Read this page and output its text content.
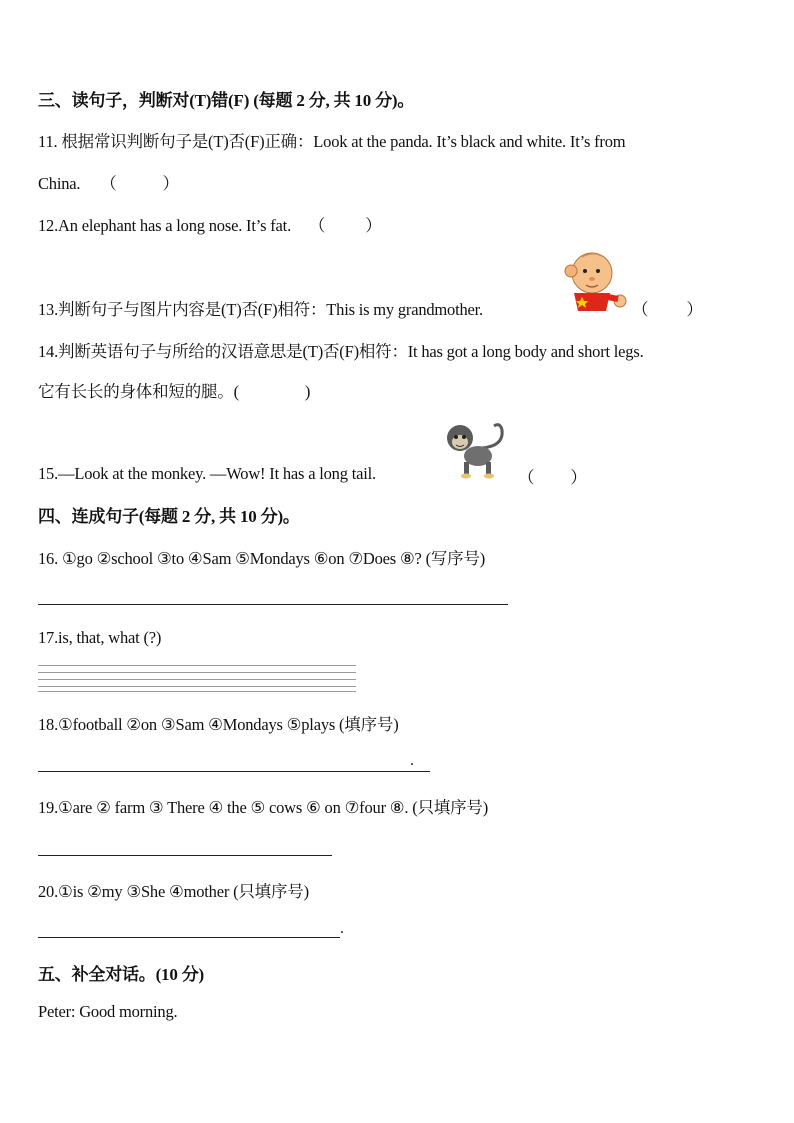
三、读句子，判断对(T)错(F) (每题 2 分, 共 10 分)。
11. 根据常识判断句子是(T)否(F)正确：Look at the panda. It’s black and white. It’s from
China. （	）
12.An elephant has a long nose. It’s fat. （ ）
13.判断句子与图片内容是(T)否(F)相符：This is my grandmother.	（ ）
14.判断英语句子与所给的汉语意思是(T)否(F)相符：It has got a long body and short legs.
它有长长的身体和短的腿。(	)
15.—Look at the monkey. —Wow! It has a long tail.	（ ）
四、连成句子(每题 2 分, 共 10 分)。
16. ①go ②school ③to ④Sam ⑤Mondays ⑥on ⑦Does ⑧? (写序号)
17.is, that, what (?)
18.①football ②on ③Sam ④Mondays ⑤plays (填序号)
.
19.①are ② farm ③ There ④ the ⑤ cows ⑥ on ⑦four ⑧. (只填序号)
20.①is ②my ③She ④mother (只填序号)
.
五、补全对话。(10 分)
Peter: Good morning.
